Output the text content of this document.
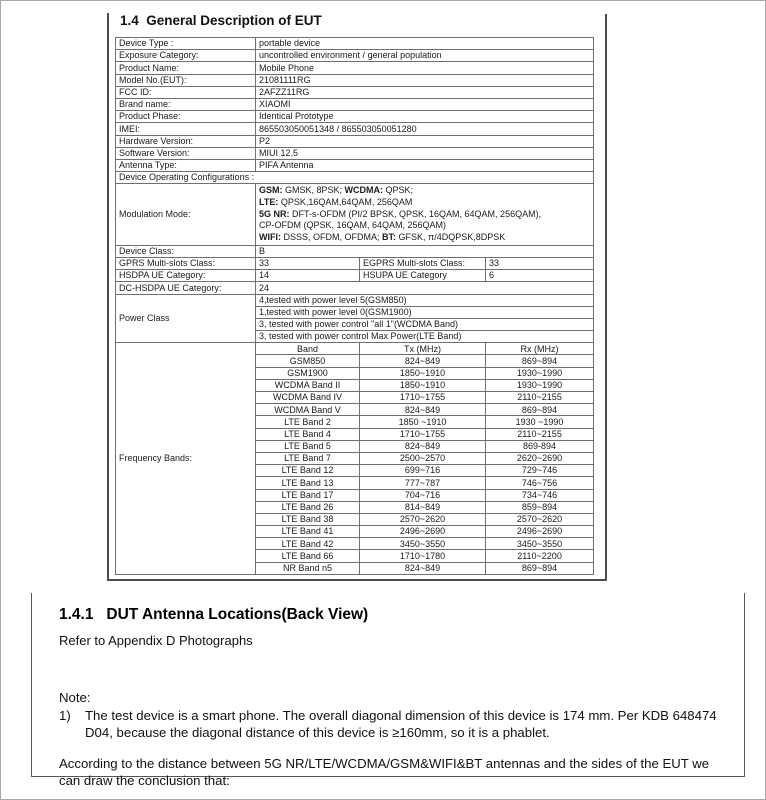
1.4  General Description of EUT
Device Type :	portable device		
Exposure Category:	uncontrolled environment / general population		
Product Name:	Mobile Phone		
Model No.(EUT):	21081111RG		
FCC ID:	2AFZZ11RG		
Brand name:	XIAOMI		
Product Phase:	Identical Prototype		
IMEI:	865503050051348 / 865503050051280		
Hardware Version:	P2		
Software Version:	MIUI 12.5		
Antenna Type:	PIFA Antenna		
Device Operating Configurations :			
Modulation Mode:	GSM: GMSK, 8PSK; WCDMA: QPSK;
LTE: QPSK,16QAM,64QAM, 256QAM
5G NR: DFT-s-OFDM (PI/2 BPSK, QPSK, 16QAM, 64QAM, 256QAM),
CP-OFDM (QPSK, 16QAM, 64QAM, 256QAM)
WIFI: DSSS, OFDM, OFDMA; BT: GFSK, π/4DQPSK,8DPSK		

Device Class:	B		
GPRS Multi-slots Class:	33	EGPRS Multi-slots Class:	33
HSDPA UE Category:	14	HSUPA UE Category	6
DC-HSDPA UE Category:	24		
Power Class	4,tested with power level 5(GSM850)		
	1,tested with power level 0(GSM1900)		
	3, tested with power control "all 1"(WCDMA Band)		
	3, tested with power control Max Power(LTE Band)		
Frequency Bands:	Band	Tx (MHz)	Rx (MHz)
	GSM850	824~849	869~894
	GSM1900	1850~1910	1930~1990
	WCDMA Band II	1850~1910	1930~1990
	WCDMA Band IV	1710~1755	2110~2155
	WCDMA Band V	824~849	869~894
	LTE Band 2	1850 ~1910	1930 ~1990
	LTE Band 4	1710~1755	2110~2155
	LTE Band 5	824~849	869-894
	LTE Band 7	2500~2570	2620~2690
	LTE Band 12	699~716	729~746
	LTE Band 13	777~787	746~756
	LTE Band 17	704~716	734~746
	LTE Band 26	814~849	859~894
	LTE Band 38	2570~2620	2570~2620
	LTE Band 41	2496~2690	2496~2690
	LTE Band 42	3450~3550	3450~3550
	LTE Band 66	1710~1780	2110~2200
	NR Band n5	824~849	869~894
1.4.1   DUT Antenna Locations(Back View)

Refer to Appendix D Photographs

Note:

1)	The test device is a smart phone. The overall diagonal dimension of this device is 174 mm. Per KDB 648474
D04, because the diagonal distance of this device is ≥160mm, so it is a phablet.

According to the distance between 5G NR/LTE/WCDMA/GSM&WIFI&BT antennas and the sides of the EUT we
can draw the conclusion that:
